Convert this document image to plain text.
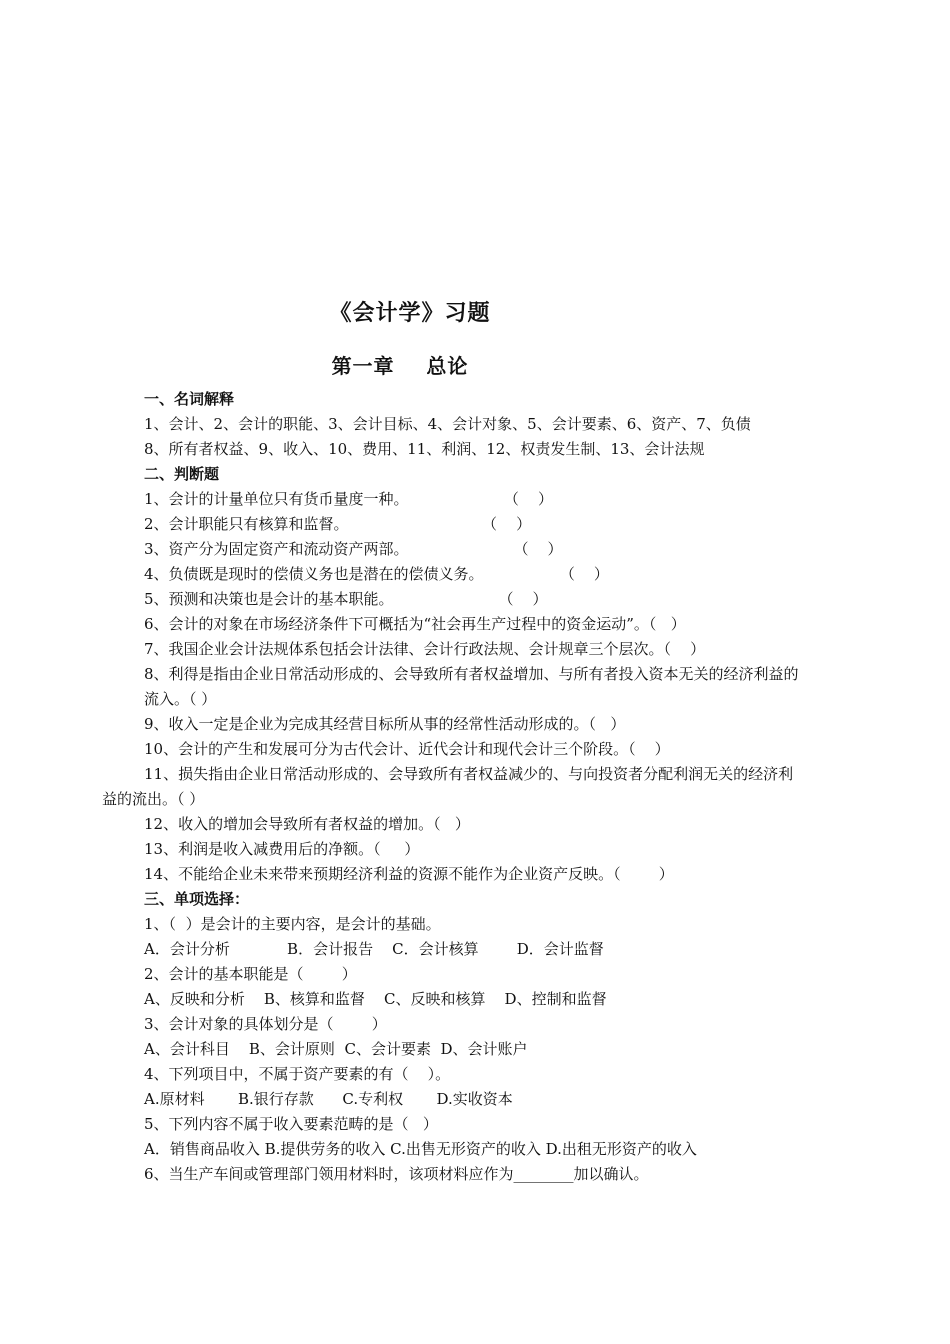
《会计学》习题
第一章    总论

一、名词解释

1、会计、2、会计的职能、3、会计目标、4、会计对象、5、会计要素、6、资产、7、负债

8、所有者权益、9、收入、10、费用、11、利润、12、权责发生制、13、会计法规

二、判断题

1、会计的计量单位只有货币量度一种。                    （    ）

2、会计职能只有核算和监督。                            （    ）

3、资产分为固定资产和流动资产两部。                      （    ）

4、负债既是现时的偿债义务也是潜在的偿债义务。                （    ）

5、预测和决策也是会计的基本职能。                      （    ）

6、会计的对象在市场经济条件下可概括为“社会再生产过程中的资金运动”。（   ）

7、我国企业会计法规体系包括会计法律、会计行政法规、会计规章三个层次。（    ）

8、利得是指由企业日常活动形成的、会导致所有者权益增加、与所有者投入资本无关的经济利益的流入。（ ）

9、收入一定是企业为完成其经营目标所从事的经常性活动形成的。（   ）

10、会计的产生和发展可分为古代会计、近代会计和现代会计三个阶段。（    ）

11、损失指由企业日常活动形成的、会导致所有者权益减少的、与向投资者分配利润无关的经济利益的流出。（ ）

12、收入的增加会导致所有者权益的增加。（   ）

13、利润是收入减费用后的净额。（     ）

14、不能给企业未来带来预期经济利益的资源不能作为企业资产反映。（        ）

三、单项选择：

1、（  ）是会计的主要内容，是会计的基础。

A．会计分析            B．会计报告    C．会计核算        D．会计监督

2、会计的基本职能是（        ）

A、反映和分析    B、核算和监督    C、反映和核算    D、控制和监督

3、会计对象的具体划分是（        ）

A、会计科目    B、会计原则  C、会计要素  D、会计账户

4、下列项目中，不属于资产要素的有（    ）。

A.原材料       B.银行存款      C.专利权       D.实收资本

5、下列内容不属于收入要素范畴的是（   ）

A．销售商品收入 B.提供劳务的收入 C.出售无形资产的收入 D.出租无形资产的收入

6、当生产车间或管理部门领用材料时，该项材料应作为________加以确认。
